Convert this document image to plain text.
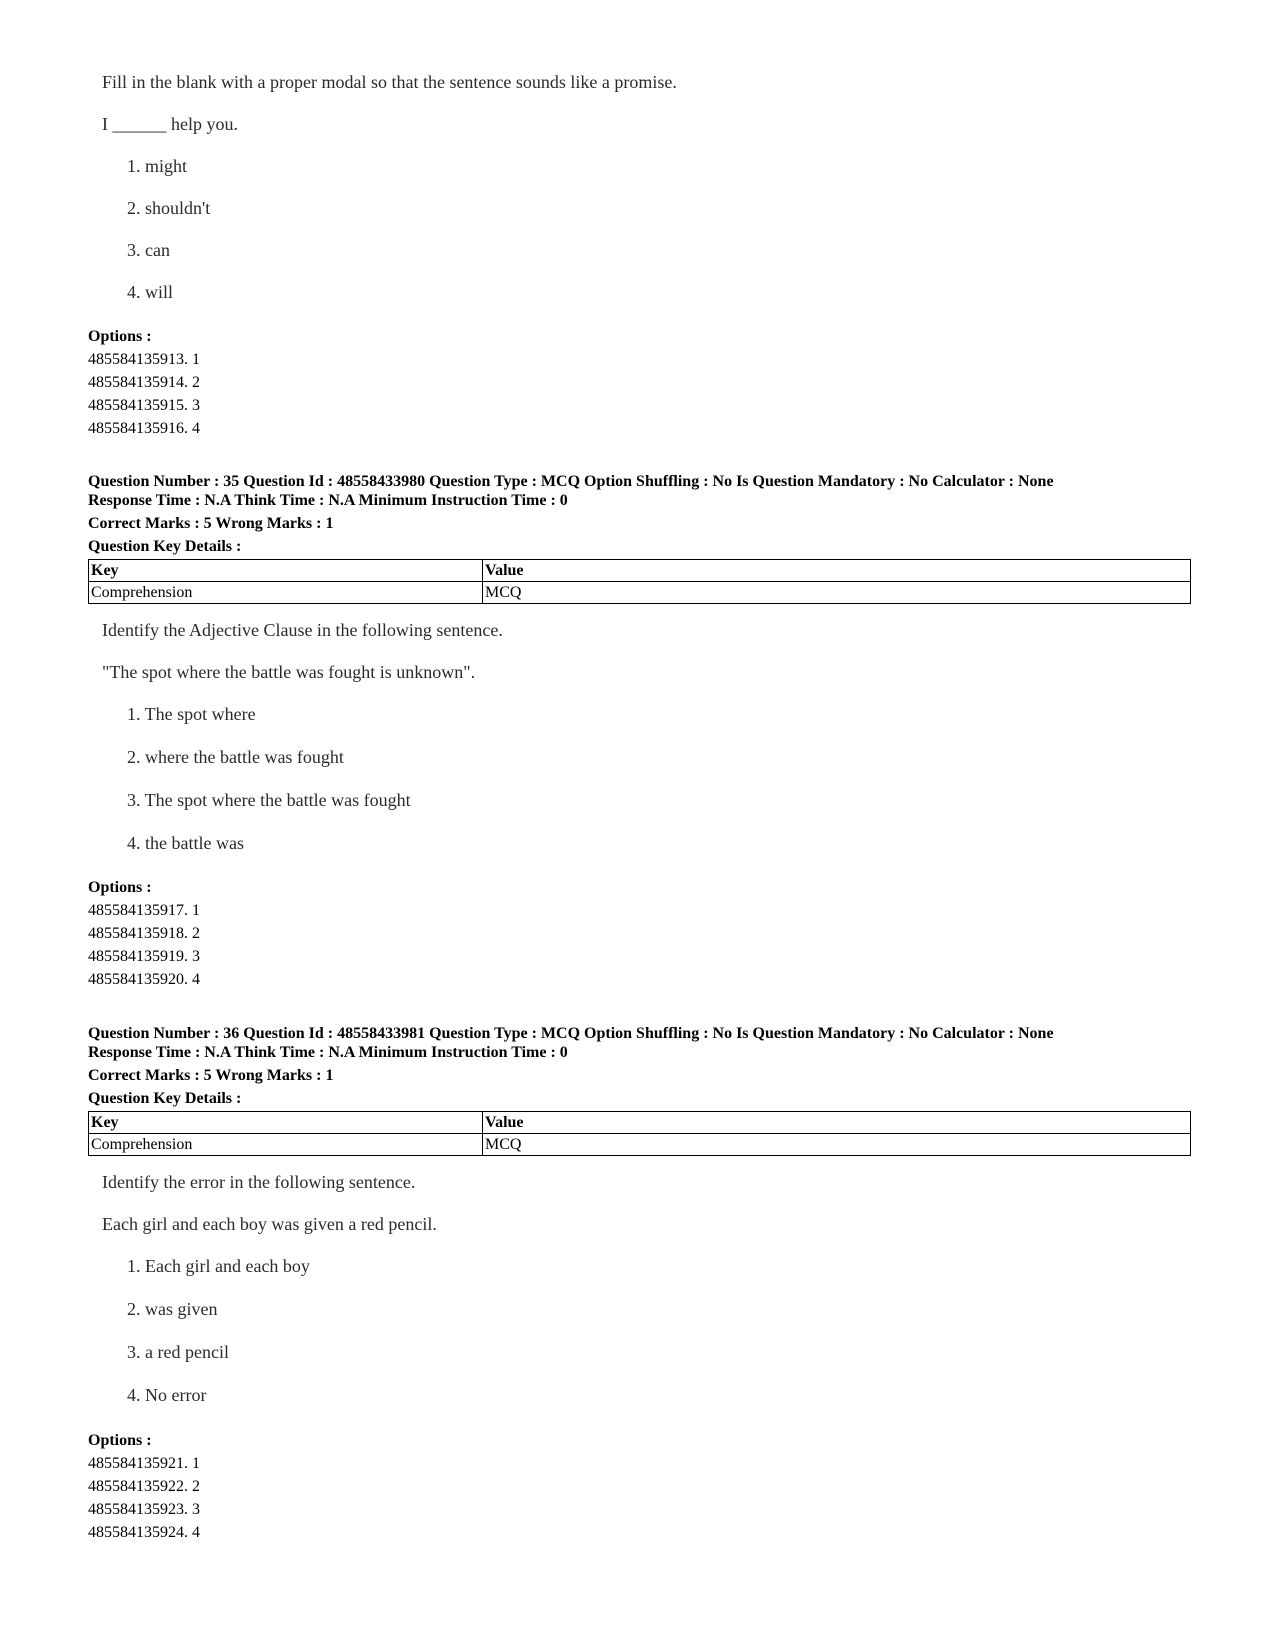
Fill in the blank with a proper modal so that the sentence sounds like a promise.
I ______ help you.
1. might
2. shouldn't
3. can
4. will
Options :
485584135913. 1
485584135914. 2
485584135915. 3
485584135916. 4
Question Number : 35 Question Id : 48558433980 Question Type : MCQ Option Shuffling : No Is Question Mandatory : No Calculator : None
Response Time : N.A Think Time : N.A Minimum Instruction Time : 0
Correct Marks : 5 Wrong Marks : 1
Question Key Details :
Key	Value
Comprehension	MCQ
Identify the Adjective Clause in the following sentence.
"The spot where the battle was fought is unknown".
1. The spot where
2. where the battle was fought
3. The spot where the battle was fought
4. the battle was
Options :
485584135917. 1
485584135918. 2
485584135919. 3
485584135920. 4
Question Number : 36 Question Id : 48558433981 Question Type : MCQ Option Shuffling : No Is Question Mandatory : No Calculator : None
Response Time : N.A Think Time : N.A Minimum Instruction Time : 0
Correct Marks : 5 Wrong Marks : 1
Question Key Details :
Key	Value
Comprehension	MCQ
Identify the error in the following sentence.
Each girl and each boy was given a red pencil.
1. Each girl and each boy
2. was given
3. a red pencil
4. No error
Options :
485584135921. 1
485584135922. 2
485584135923. 3
485584135924. 4
